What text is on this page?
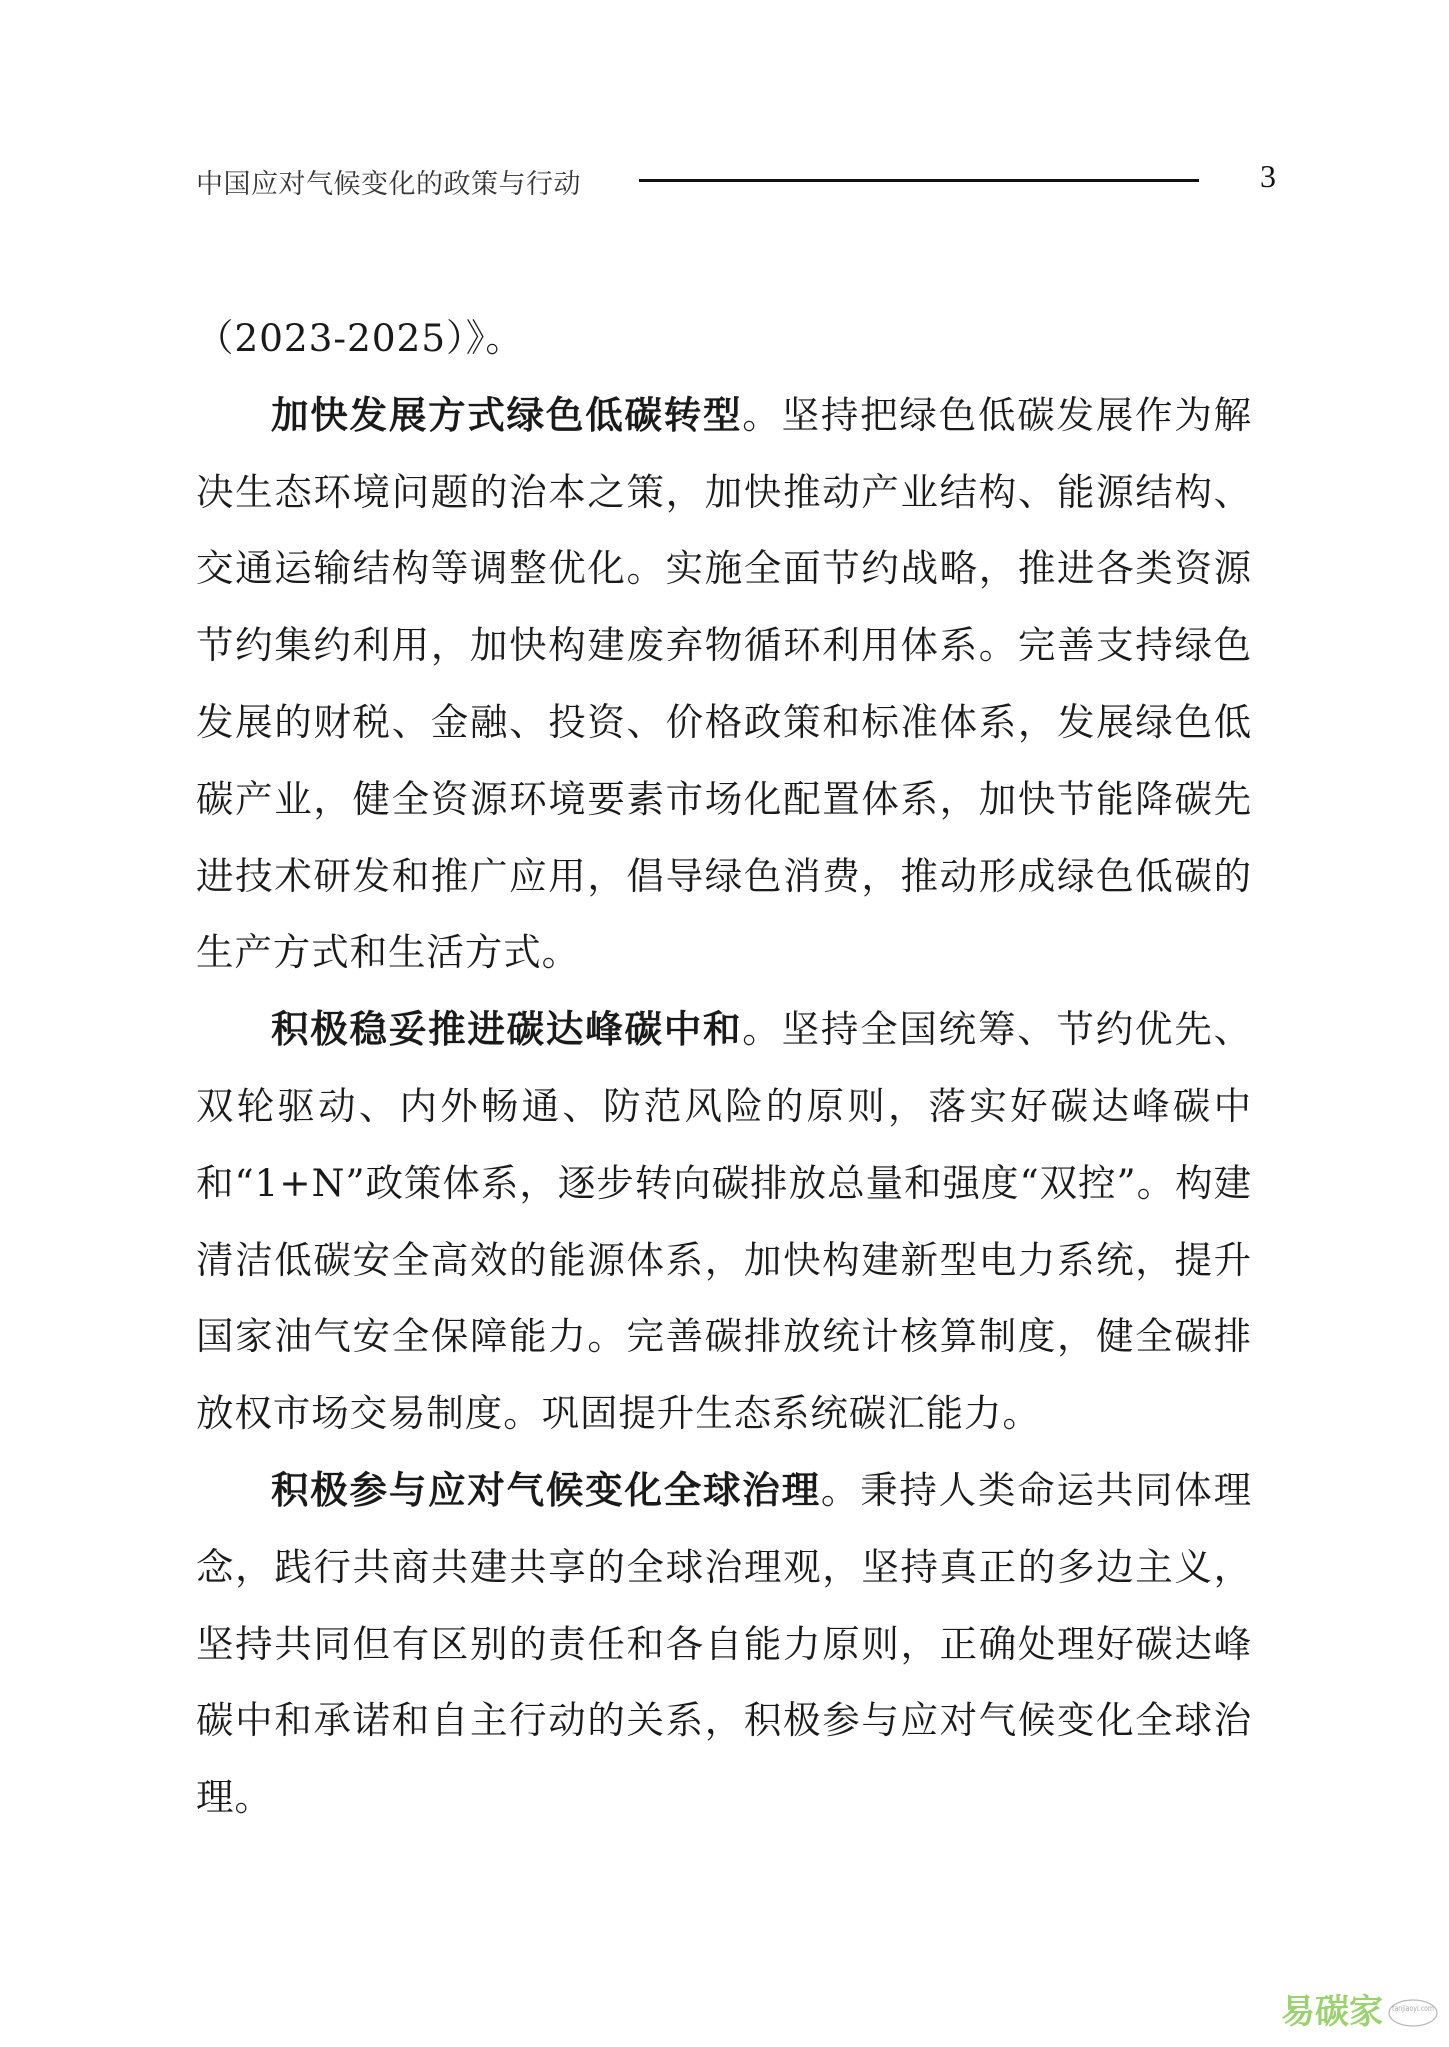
中国应对气候变化的政策与行动	3

（2023-2025）》。

加快发展方式绿色低碳转型。坚持把绿色低碳发展作为解决生态环境问题的治本之策，加快推动产业结构、能源结构、交通运输结构等调整优化。实施全面节约战略，推进各类资源节约集约利用，加快构建废弃物循环利用体系。完善支持绿色发展的财税、金融、投资、价格政策和标准体系，发展绿色低碳产业，健全资源环境要素市场化配置体系，加快节能降碳先进技术研发和推广应用，倡导绿色消费，推动形成绿色低碳的生产方式和生活方式。

积极稳妥推进碳达峰碳中和。坚持全国统筹、节约优先、双轮驱动、内外畅通、防范风险的原则，落实好碳达峰碳中和“1+N”政策体系，逐步转向碳排放总量和强度“双控”。构建清洁低碳安全高效的能源体系，加快构建新型电力系统，提升国家油气安全保障能力。完善碳排放统计核算制度，健全碳排放权市场交易制度。巩固提升生态系统碳汇能力。

积极参与应对气候变化全球治理。秉持人类命运共同体理念，践行共商共建共享的全球治理观，坚持真正的多边主义，坚持共同但有区别的责任和各自能力原则，正确处理好碳达峰碳中和承诺和自主行动的关系，积极参与应对气候变化全球治理。

易碳家 tanjiaoyi.com
